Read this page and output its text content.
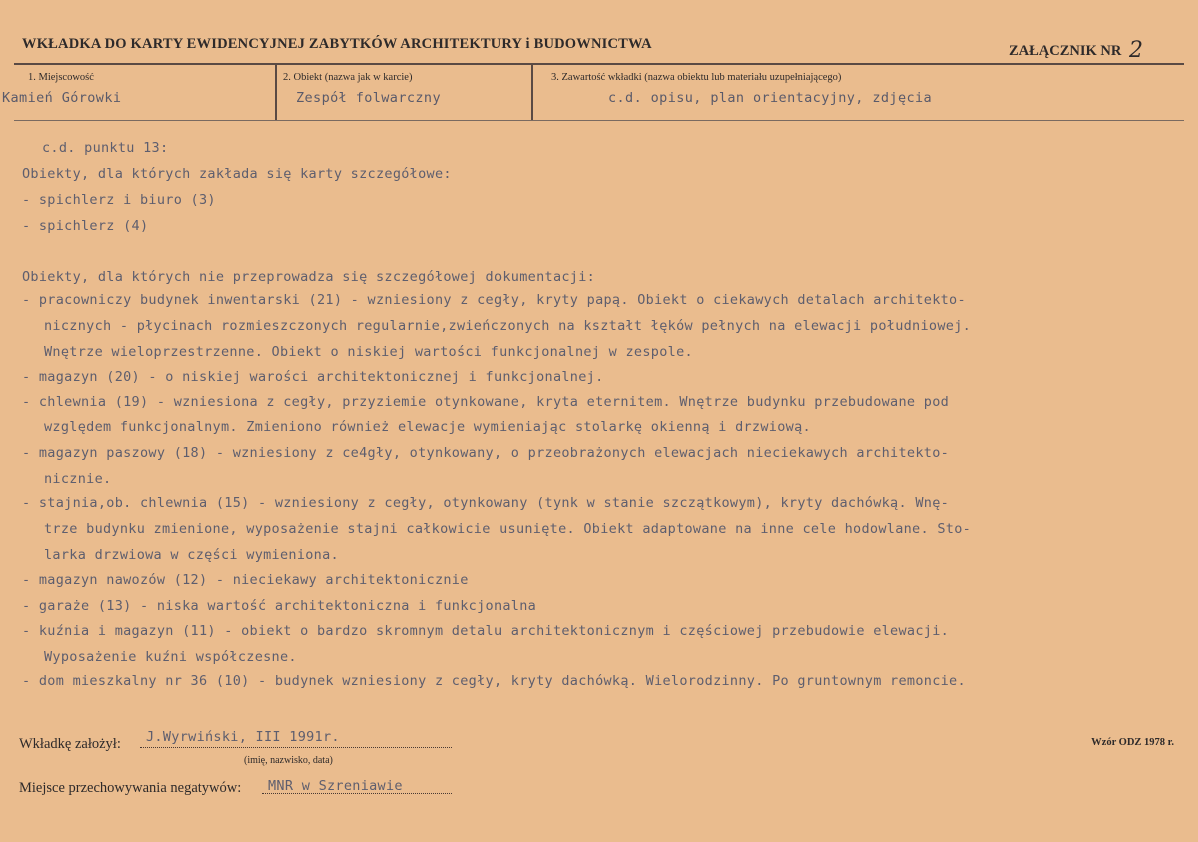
WKŁADKA DO KARTY EWIDENCYJNEJ ZABYTKÓW ARCHITEKTURY i BUDOWNICTWA	ZAŁĄCZNIK NR 2
1. Miejscowość
Kamień Górowki
2. Obiekt (nazwa jak w karcie)
Zespół folwarczny
3. Zawartość wkładki (nazwa obiektu lub materiału uzupełniającego)
c.d. opisu, plan orientacyjny, zdjęcia
c.d. punktu 13:
Obiekty, dla których zakłada się karty szczegółowe:
- spichlerz i biuro (3)
- spichlerz (4)
Obiekty, dla których nie przeprowadza się szczegółowej dokumentacji:
- pracowniczy budynek inwentarski (21) - wzniesiony z cegły, kryty papą. Obiekt o ciekawych detalach architekto-
nicznych - płycinach rozmieszczonych regularnie,zwieńczonych na kształt łęków pełnych na elewacji południowej.
Wnętrze wieloprzestrzenne. Obiekt o niskiej wartości funkcjonalnej w zespole.
- magazyn (20) - o niskiej warości architektonicznej i funkcjonalnej.
- chlewnia (19) - wzniesiona z cegły, przyziemie otynkowane, kryta eternitem. Wnętrze budynku przebudowane pod
względem funkcjonalnym. Zmieniono również elewacje wymieniając stolarkę okienną i drzwiową.
- magazyn paszowy (18) - wzniesiony z ce4gły, otynkowany, o przeobrażonych elewacjach nieciekawych architekto-
nicznie.
- stajnia,ob. chlewnia (15) - wzniesiony z cegły, otynkowany (tynk w stanie szczątkowym), kryty dachówką. Wnę-
trze budynku zmienione, wyposażenie stajni całkowicie usunięte. Obiekt adaptowane na inne cele hodowlane. Sto-
larka drzwiowa w części wymieniona.
- magazyn nawozów (12) - nieciekawy architektonicznie
- garaże (13) - niska wartość architektoniczna i funkcjonalna
- kuźnia i magazyn (11) - obiekt o bardzo skromnym detalu architektonicznym i częściowej przebudowie elewacji.
Wyposażenie kuźni współczesne.
- dom mieszkalny nr 36 (10) - budynek wzniesiony z cegły, kryty dachówką. Wielorodzinny. Po gruntownym remoncie.
Wkładkę założył: J.Wyrwiński, III 1991r.
(imię, nazwisko, data)
Miejsce przechowywania negatywów: MNR w Szreniawie
Wzór ODZ 1978 r.
